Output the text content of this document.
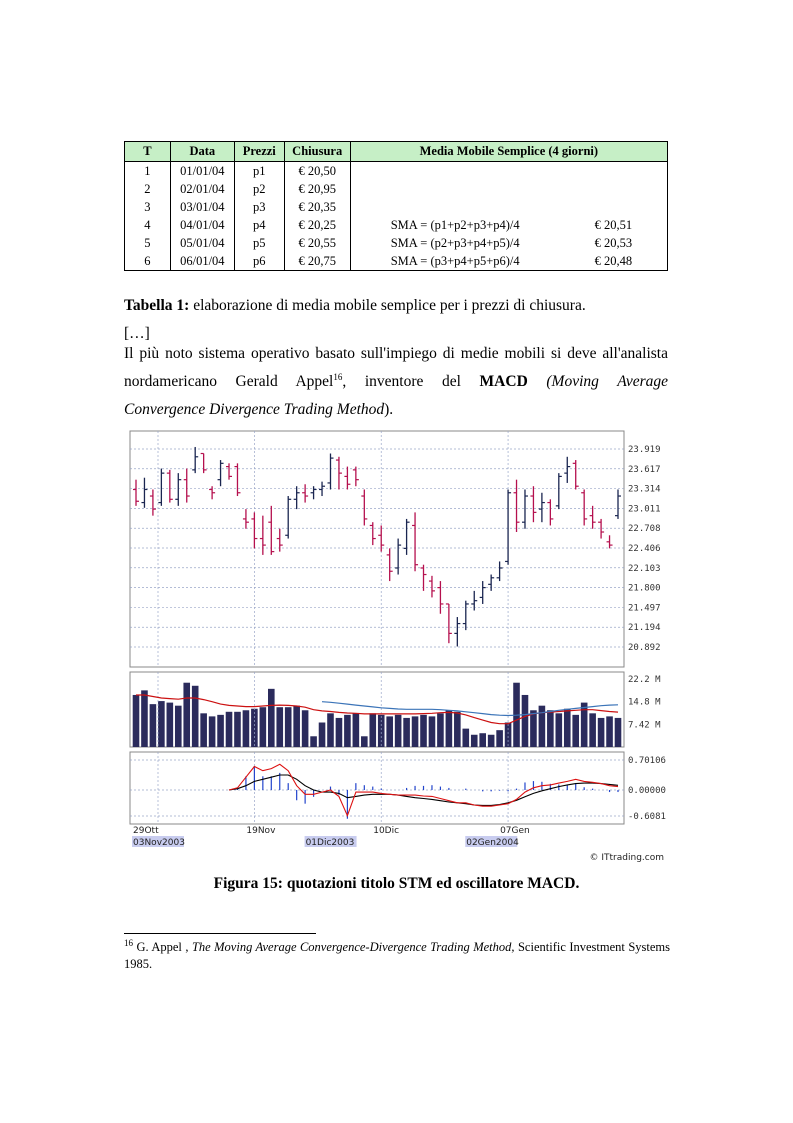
T	Data	Prezzi	Chiusura	Media Mobile Semplice (4 giorni)	
1	01/01/04	p1	€ 20,50		
2	02/01/04	p2	€ 20,95		
3	03/01/04	p3	€ 20,35		
4	04/01/04	p4	€ 20,25	SMA = (p1+p2+p3+p4)/4	€ 20,51
5	05/01/04	p5	€ 20,55	SMA = (p2+p3+p4+p5)/4	€ 20,53
6	06/01/04	p6	€ 20,75	SMA = (p3+p4+p5+p6)/4	€ 20,48
Tabella 1: elaborazione di media mobile semplice per i prezzi di chiusura.
[…]
Il più noto sistema operativo basato sull'impiego di medie mobili si deve all'analista
nordamericano Gerald Appel$^{16}$, inventore del MACD (Moving Average
Convergence Divergence Trading Method).
23.919
23.617
23.314
23.011
22.708
22.406
22.103
21.800
21.497
21.194
20.892
22.2 M
14.8 M
7.42 M
0.70106
0.00000
-0.6081
29Ott	19Nov	10Dic	07Gen
03Nov2003	01Dic2003	02Gen2004
© ITtrading.com
Figura 15: quotazioni titolo STM ed oscillatore MACD.
$^{16}$ G. Appel , The Moving Average Convergence-Divergence Trading Method, Scientific Investment Systems 1985.
